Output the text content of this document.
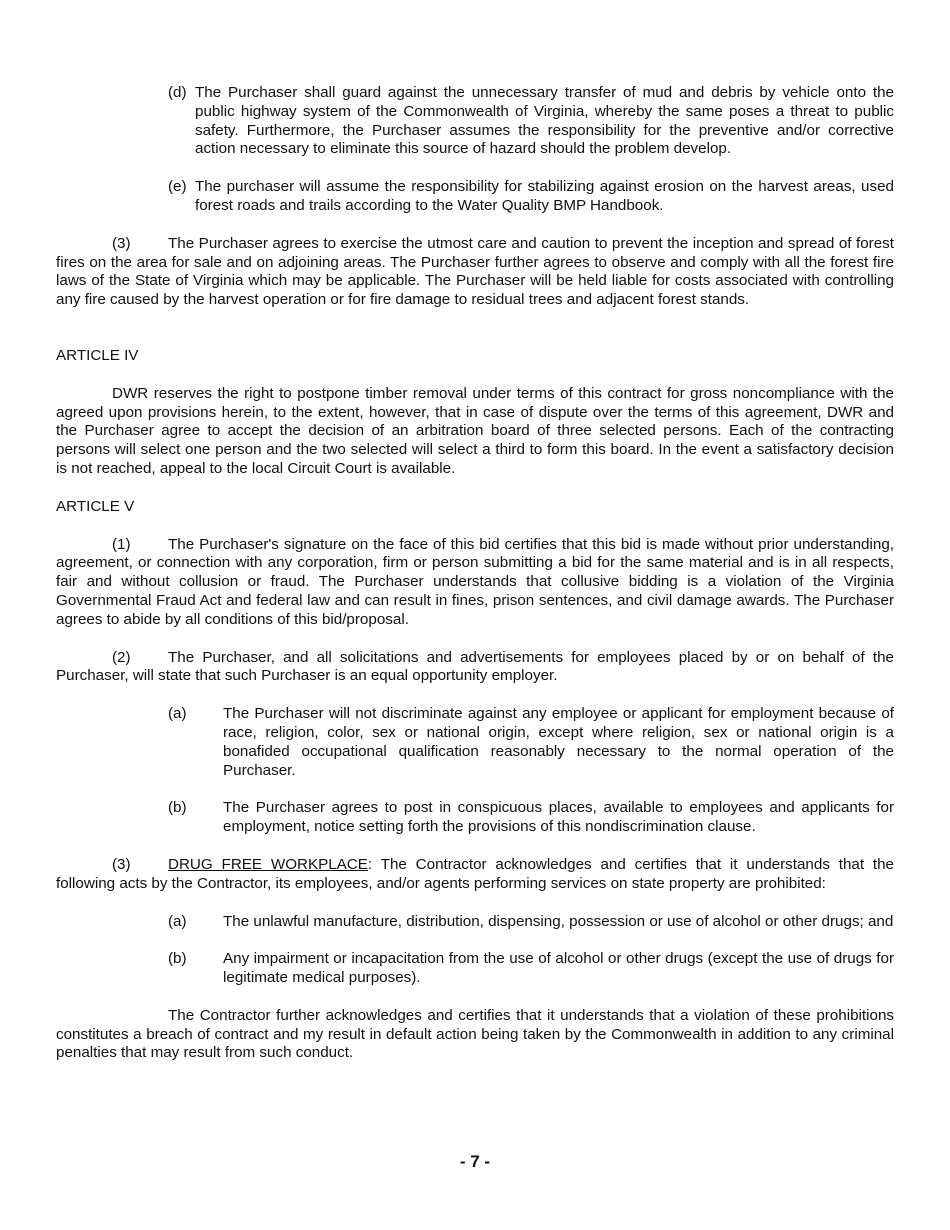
(d) The Purchaser shall guard against the unnecessary transfer of mud and debris by vehicle onto the public highway system of the Commonwealth of Virginia, whereby the same poses a threat to public safety. Furthermore, the Purchaser assumes the responsibility for the preventive and/or corrective action necessary to eliminate this source of hazard should the problem develop.
(e) The purchaser will assume the responsibility for stabilizing against erosion on the harvest areas, used forest roads and trails according to the Water Quality BMP Handbook.

(3) The Purchaser agrees to exercise the utmost care and caution to prevent the inception and spread of forest fires on the area for sale and on adjoining areas. The Purchaser further agrees to observe and comply with all the forest fire laws of the State of Virginia which may be applicable. The Purchaser will be held liable for costs associated with controlling any fire caused by the harvest operation or for fire damage to residual trees and adjacent forest stands.

ARTICLE IV

DWR reserves the right to postpone timber removal under terms of this contract for gross noncompliance with the agreed upon provisions herein, to the extent, however, that in case of dispute over the terms of this agreement, DWR and the Purchaser agree to accept the decision of an arbitration board of three selected persons. Each of the contracting persons will select one person and the two selected will select a third to form this board. In the event a satisfactory decision is not reached, appeal to the local Circuit Court is available.

ARTICLE V

(1) The Purchaser's signature on the face of this bid certifies that this bid is made without prior understanding, agreement, or connection with any corporation, firm or person submitting a bid for the same material and is in all respects, fair and without collusion or fraud. The Purchaser understands that collusive bidding is a violation of the Virginia Governmental Fraud Act and federal law and can result in fines, prison sentences, and civil damage awards. The Purchaser agrees to abide by all conditions of this bid/proposal.

(2) The Purchaser, and all solicitations and advertisements for employees placed by or on behalf of the Purchaser, will state that such Purchaser is an equal opportunity employer.

(a)	The Purchaser will not discriminate against any employee or applicant for employment because of race, religion, color, sex or national origin, except where religion, sex or national origin is a bonafided occupational qualification reasonably necessary to the normal operation of the Purchaser.
(b)	The Purchaser agrees to post in conspicuous places, available to employees and applicants for employment, notice setting forth the provisions of this nondiscrimination clause.

(3) DRUG FREE WORKPLACE: The Contractor acknowledges and certifies that it understands that the following acts by the Contractor, its employees, and/or agents performing services on state property are prohibited:

(a)	The unlawful manufacture, distribution, dispensing, possession or use of alcohol or other drugs; and
(b)	Any impairment or incapacitation from the use of alcohol or other drugs (except the use of drugs for legitimate medical purposes).

The Contractor further acknowledges and certifies that it understands that a violation of these prohibitions constitutes a breach of contract and my result in default action being taken by the Commonwealth in addition to any criminal penalties that may result from such conduct.

- 7 -
